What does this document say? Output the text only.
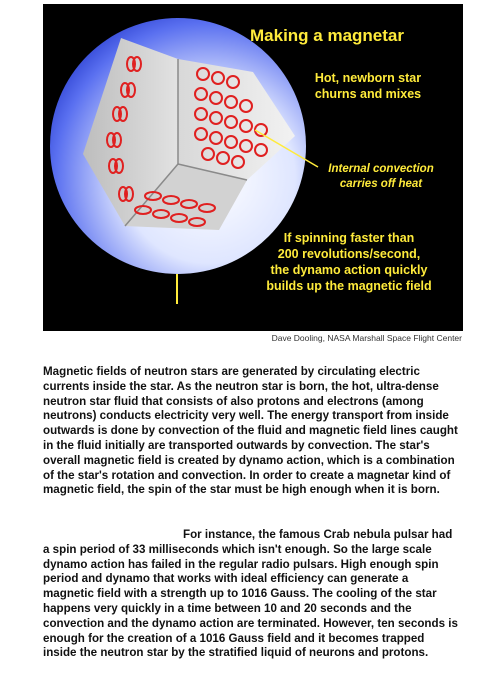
Making a magnetar
Hot, newborn star
churns and mixes
Internal convection
carries off heat
If spinning faster than
200 revolutions/second,
the dynamo action quickly
builds up the magnetic field
Dave Dooling, NASA Marshall Space Flight Center
Magnetic fields of neutron stars are generated by circulating electric currents inside the star. As the neutron star is born, the hot, ultra-dense neutron star fluid that consists of also protons and electrons (among neutrons) conducts electricity very well. The energy transport from inside outwards is done by convection of the fluid and magnetic field lines caught in the fluid initially are transported outwards by convection. The star's overall magnetic field is created by dynamo action, which is a combination of the star's rotation and convection. In order to create a magnetar kind of magnetic field, the spin of the star must be high enough when it is born.
For instance, the famous Crab nebula pulsar had a spin period of 33 milliseconds which isn't enough. So the large scale dynamo action has failed in the regular radio pulsars. High enough spin period and dynamo that works with ideal efficiency can generate a magnetic field with a strength up to 1016 Gauss. The cooling of the star happens very quickly in a time between 10 and 20 seconds and the convection and the dynamo action are terminated. However, ten seconds is enough for the creation of a 1016 Gauss field and it becomes trapped inside the neutron star by the stratified liquid of neurons and protons.
